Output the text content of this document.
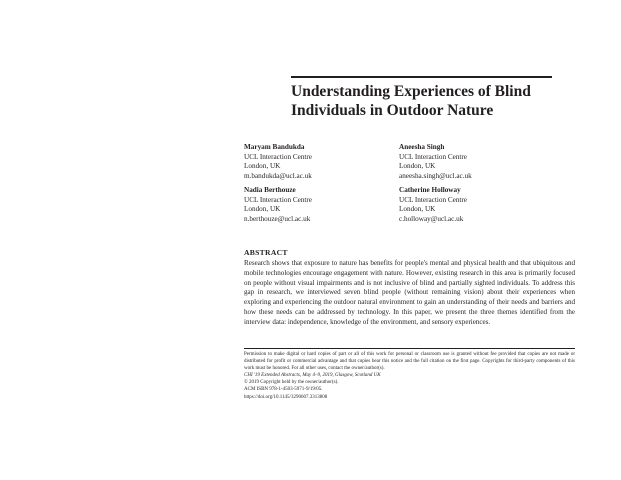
Understanding Experiences of Blind
Individuals in Outdoor Nature
Maryam Bandukda
UCL Interaction Centre
London, UK
m.bandukda@ucl.ac.uk
Aneesha Singh
UCL Interaction Centre
London, UK
aneesha.singh@ucl.ac.uk
Nadia Berthouze
UCL Interaction Centre
London, UK
n.berthouze@ucl.ac.uk
Catherine Holloway
UCL Interaction Centre
London, UK
c.holloway@ucl.ac.uk
ABSTRACT
Research shows that exposure to nature has benefits for people's mental and physical health and that ubiquitous and mobile technologies encourage engagement with nature. However, existing research in this area is primarily focused on people without visual impairments and is not inclusive of blind and partially sighted individuals. To address this gap in research, we interviewed seven blind people (without remaining vision) about their experiences when exploring and experiencing the outdoor natural environment to gain an understanding of their needs and barriers and how these needs can be addressed by technology. In this paper, we present the three themes identified from the interview data: independence, knowledge of the environment, and sensory experiences.
Permission to make digital or hard copies of part or all of this work for personal or classroom use is granted without fee provided that copies are not made or distributed for profit or commercial advantage and that copies bear this notice and the full citation on the first page. Copyrights for third-party components of this work must be honored. For all other uses, contact the owner/author(s).
CHI '19 Extended Abstracts, May 4–9, 2019, Glasgow, Scotland UK
© 2019 Copyright held by the owner/author(s).
ACM ISBN 978-1-4503-5971-9/19/05.
https://doi.org/10.1145/3290607.3313808
